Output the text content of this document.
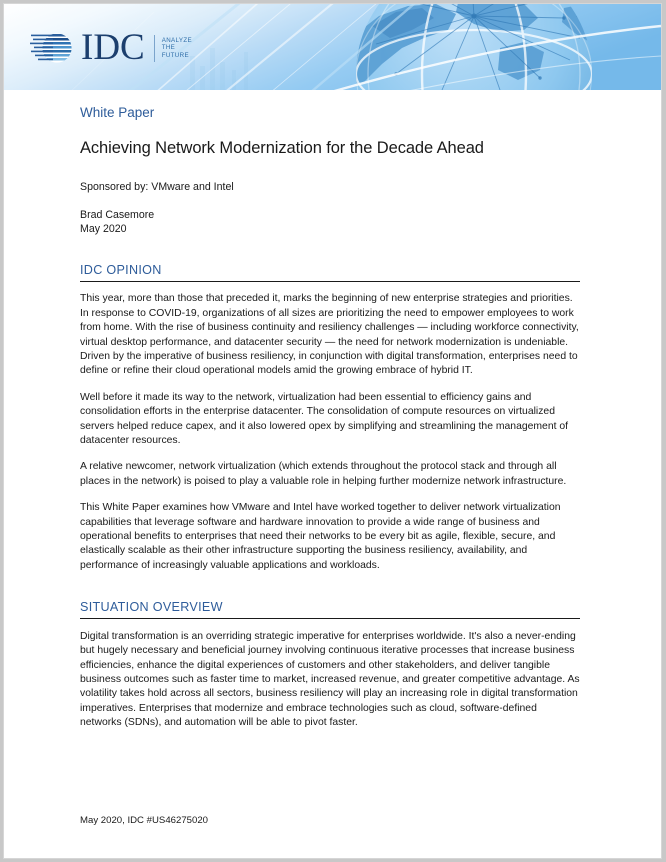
IDC	ANALYZE
THE
FUTURE
White Paper
Achieving Network Modernization for the Decade Ahead
Sponsored by: VMware and Intel
Brad Casemore
May 2020
IDC OPINION

This year, more than those that preceded it, marks the beginning of new enterprise strategies and priorities. In response to COVID-19, organizations of all sizes are prioritizing the need to empower employees to work from home. With the rise of business continuity and resiliency challenges — including workforce connectivity, virtual desktop performance, and datacenter security — the need for network modernization is undeniable. Driven by the imperative of business resiliency, in conjunction with digital transformation, enterprises need to define or refine their cloud operational models amid the growing embrace of hybrid IT.

Well before it made its way to the network, virtualization had been essential to efficiency gains and consolidation efforts in the enterprise datacenter. The consolidation of compute resources on virtualized servers helped reduce capex, and it also lowered opex by simplifying and streamlining the management of datacenter resources.

A relative newcomer, network virtualization (which extends throughout the protocol stack and through all places in the network) is poised to play a valuable role in helping further modernize network infrastructure.

This White Paper examines how VMware and Intel have worked together to deliver network virtualization capabilities that leverage software and hardware innovation to provide a wide range of business and operational benefits to enterprises that need their networks to be every bit as agile, flexible, secure, and elastically scalable as their other infrastructure supporting the business resiliency, availability, and performance of increasingly valuable applications and workloads.

SITUATION OVERVIEW

Digital transformation is an overriding strategic imperative for enterprises worldwide. It's also a never-ending but hugely necessary and beneficial journey involving continuous iterative processes that increase business efficiencies, enhance the digital experiences of customers and other stakeholders, and deliver tangible business outcomes such as faster time to market, increased revenue, and greater competitive advantage. As volatility takes hold across all sectors, business resiliency will play an increasing role in digital transformation imperatives. Enterprises that modernize and embrace technologies such as cloud, software-defined networks (SDNs), and automation will be able to pivot faster.

May 2020, IDC #US46275020
